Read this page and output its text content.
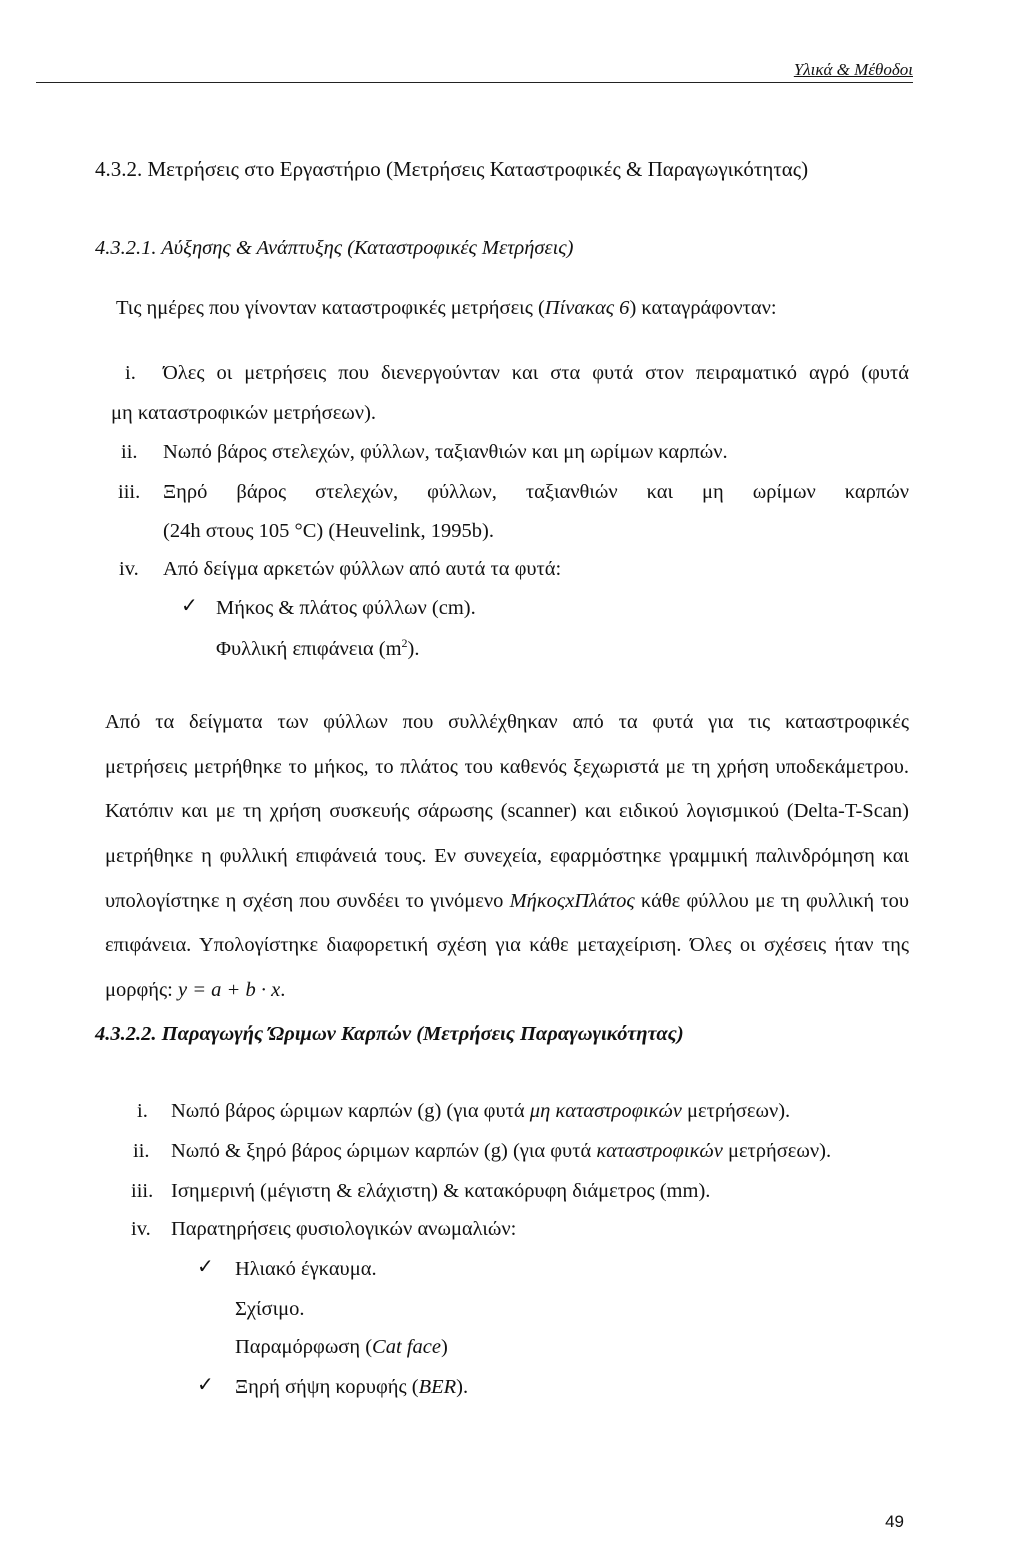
Υλικά & Μέθοδοι
4.3.2. Μετρήσεις στο Εργαστήριο (Μετρήσεις Καταστροφικές & Παραγωγικότητας)
4.3.2.1. Αύξησης & Ανάπτυξης (Καταστροφικές Μετρήσεις)
Τις ημέρες που γίνονταν καταστροφικές μετρήσεις (Πίνακας 6) καταγράφονταν:
i. Όλες οι μετρήσεις που διενεργούνταν και στα φυτά στον πειραματικό αγρό (φυτά
μη καταστροφικών μετρήσεων).
ii. Νωπό βάρος στελεχών, φύλλων, ταξιανθιών και μη ωρίμων καρπών.
iii. Ξηρό βάρος στελεχών, φύλλων, ταξιανθιών και μη ωρίμων καρπών
(24h στους 105 °C) (Heuvelink, 1995b).
iv. Από δείγμα αρκετών φύλλων από αυτά τα φυτά:
✓ Μήκος & πλάτος φύλλων (cm).
Φυλλική επιφάνεια $(m^2)$.
Από τα δείγματα των φύλλων που συλλέχθηκαν από τα φυτά για τις καταστροφικές
μετρήσεις μετρήθηκε το μήκος, το πλάτος του καθενός ξεχωριστά με τη χρήση υποδεκάμετρου.
Κατόπιν και με τη χρήση συσκευής σάρωσης (scanner) και ειδικού λογισμικού (Delta-T-Scan)
μετρήθηκε η φυλλική επιφάνειά τους. Εν συνεχεία, εφαρμόστηκε γραμμική παλινδρόμηση και
υπολογίστηκε η σχέση που συνδέει το γινόμενο ΜήκοςxΠλάτος κάθε φύλλου με τη φυλλική του
επιφάνεια. Υπολογίστηκε διαφορετική σχέση για κάθε μεταχείριση. Όλες οι σχέσεις ήταν της
μορφής: y = a + b · x.
4.3.2.2. Παραγωγής Ώριμων Καρπών (Μετρήσεις Παραγωγικότητας)
i. Νωπό βάρος ώριμων καρπών (g) (για φυτά μη καταστροφικών μετρήσεων).
ii. Νωπό & ξηρό βάρος ώριμων καρπών (g) (για φυτά καταστροφικών μετρήσεων).
iii. Ισημερινή (μέγιστη & ελάχιστη) & κατακόρυφη διάμετρος (mm).
iv. Παρατηρήσεις φυσιολογικών ανωμαλιών:
✓ Ηλιακό έγκαυμα.
Σχίσιμο.
Παραμόρφωση (Cat face)
✓ Ξηρή σήψη κορυφής (BER).
49
